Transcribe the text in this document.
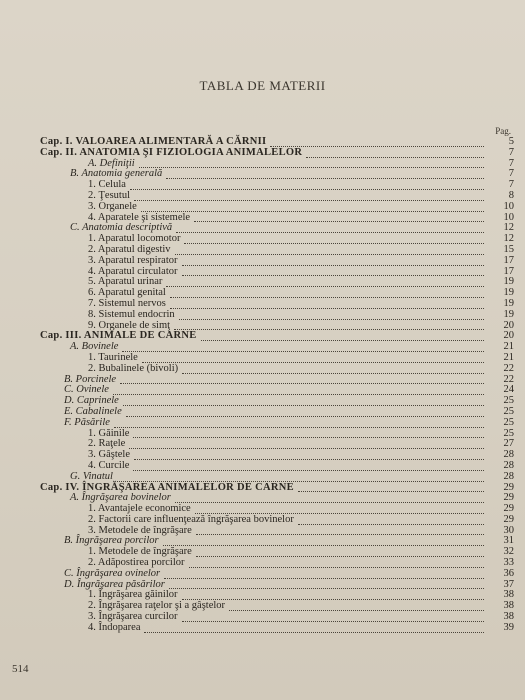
TABLA DE MATERII
Pag.
Cap. I. VALOAREA ALIMENTARĂ A CĂRNII	5
Cap. II. ANATOMIA ŞI FIZIOLOGIA ANIMALELOR	7
A. Definiţii	7
B. Anatomia generală	7
1. Celula	7
2. Ţesutul	8
3. Organele	10
4. Aparatele şi sistemele	10
C. Anatomia descriptivă	12
1. Aparatul locomotor	12
2. Aparatul digestiv	15
3. Aparatul respirator	17
4. Aparatul circulator	17
5. Aparatul urinar	19
6. Aparatul genital	19
7. Sistemul nervos	19
8. Sistemul endocrin	19
9. Organele de simţ	20
Cap. III. ANIMALE DE CARNE	20
A. Bovinele	21
1. Taurinele	21
2. Bubalinele (bivoli)	22
B. Porcinele	22
C. Ovinele	24
D. Caprinele	25
E. Cabalinele	25
F. Păsările	25
1. Găinile	25
2. Raţele	27
3. Gâştele	28
4. Curcile	28
G. Vinatul	28
Cap. IV. ÎNGRĂŞAREA ANIMALELOR DE CARNE	29
A. Îngrăşarea bovinelor	29
1. Avantajele economice	29
2. Factorii care influenţează îngrăşarea bovinelor	29
3. Metodele de îngrăşare	30
B. Îngrăşarea porcilor	31
1. Metodele de îngrăşare	32
2. Adăpostirea porcilor	33
C. Îngrăşarea ovinelor	36
D. Îngrăşarea păsărilor	37
1. Îngrăşarea găinilor	38
2. Îngrăşarea raţelor şi a gâştelor	38
3. Îngrăşarea curcilor	38
4. Îndoparea	39
514
